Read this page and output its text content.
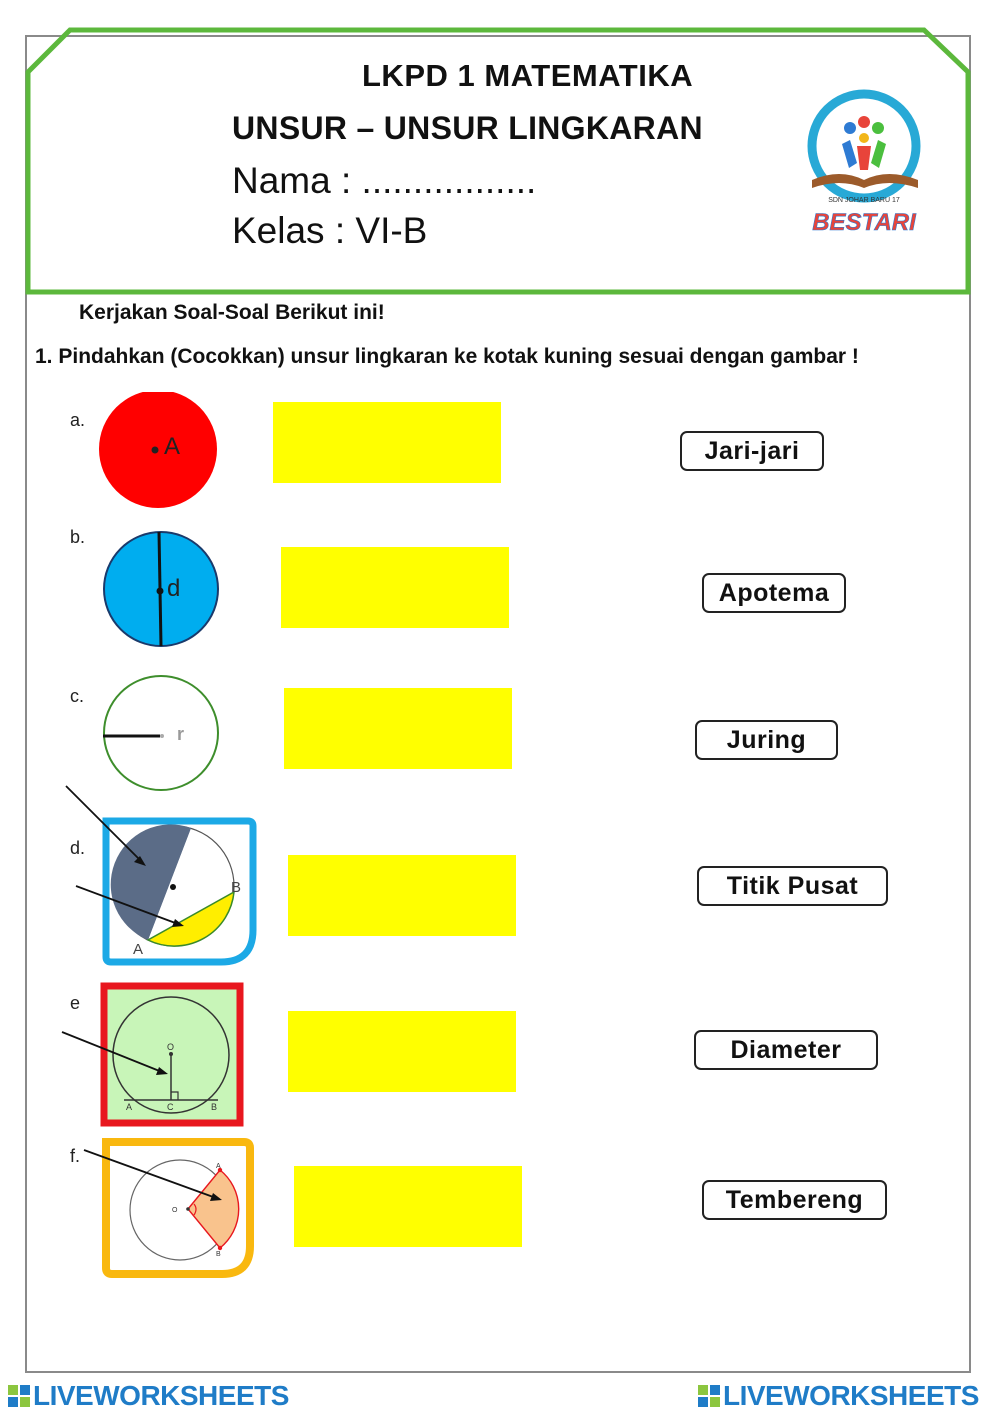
LKPD 1 MATEMATIKA
UNSUR – UNSUR LINGKARAN
Nama : .................
Kelas : VI-B
SDN JOHAR BARU 17
BESTARI
Kerjakan Soal-Soal Berikut ini!
1. Pindahkan (Cocokkan) unsur lingkaran ke kotak kuning sesuai dengan gambar !
a.
A
b.
d
c.
r
d.
B
A
e
O
A	C	B
f.
O
A
B
Jari-jari
Apotema
Juring
Titik Pusat
Diameter
Tembereng
LIVEWORKSHEETS	LIVEWORKSHEETS
